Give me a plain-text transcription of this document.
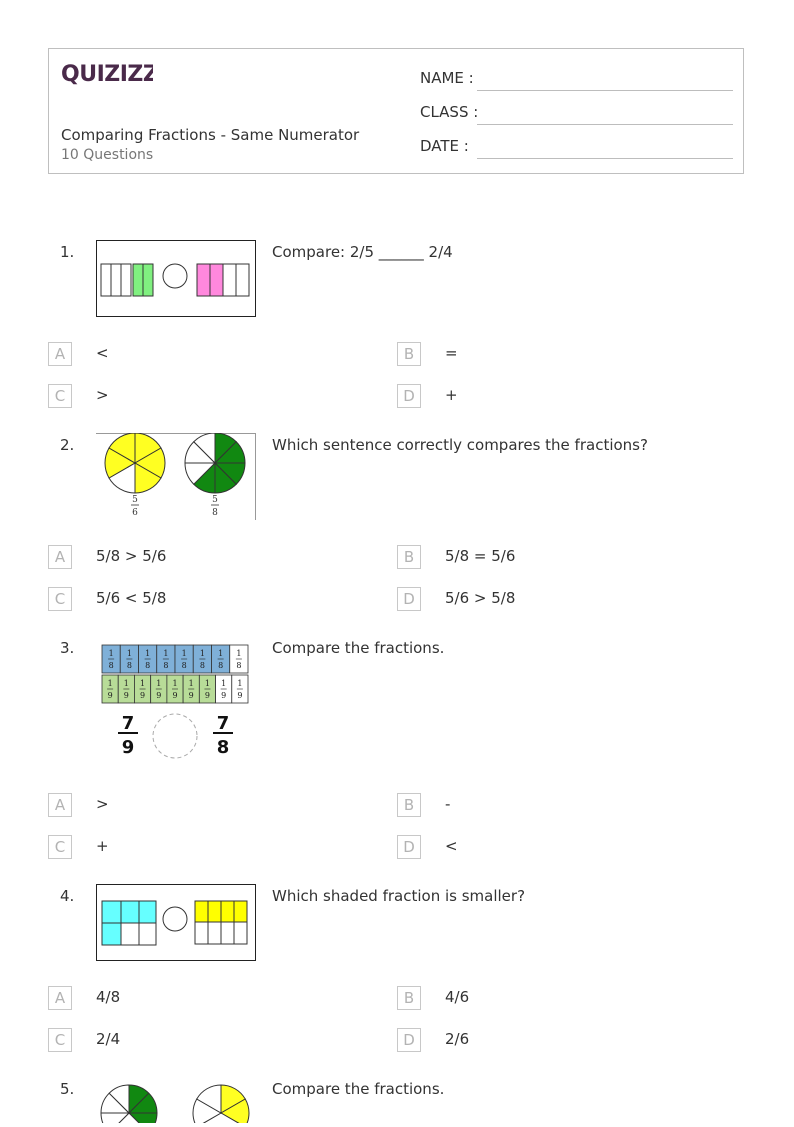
QUIZIZZ
Comparing Fractions - Same Numerator
10 Questions
NAME :
CLASS :
DATE :
1.	Compare: 2/5 ______ 2/4
A	<	B	=
C	>	D	+
2.
5
6
5
8
Which sentence correctly compares the fractions?
A	5/8 > 5/6	B	5/8 = 5/6
C	5/6 < 5/8	D	5/6 > 5/8
3.	1
8
1
8
1
8
1
8
1
8
1
8
1
8
1
8
1
9
1
9
1
9
1
9
1
9
1
9
1
9
1
9
1
9
7
9
7
8
Compare the fractions.
A	>	B	-
C	+	D	<
4.	Which shaded fraction is smaller?
A	4/8	B	4/6
C	2/4	D	2/6
5.	Compare the fractions.
